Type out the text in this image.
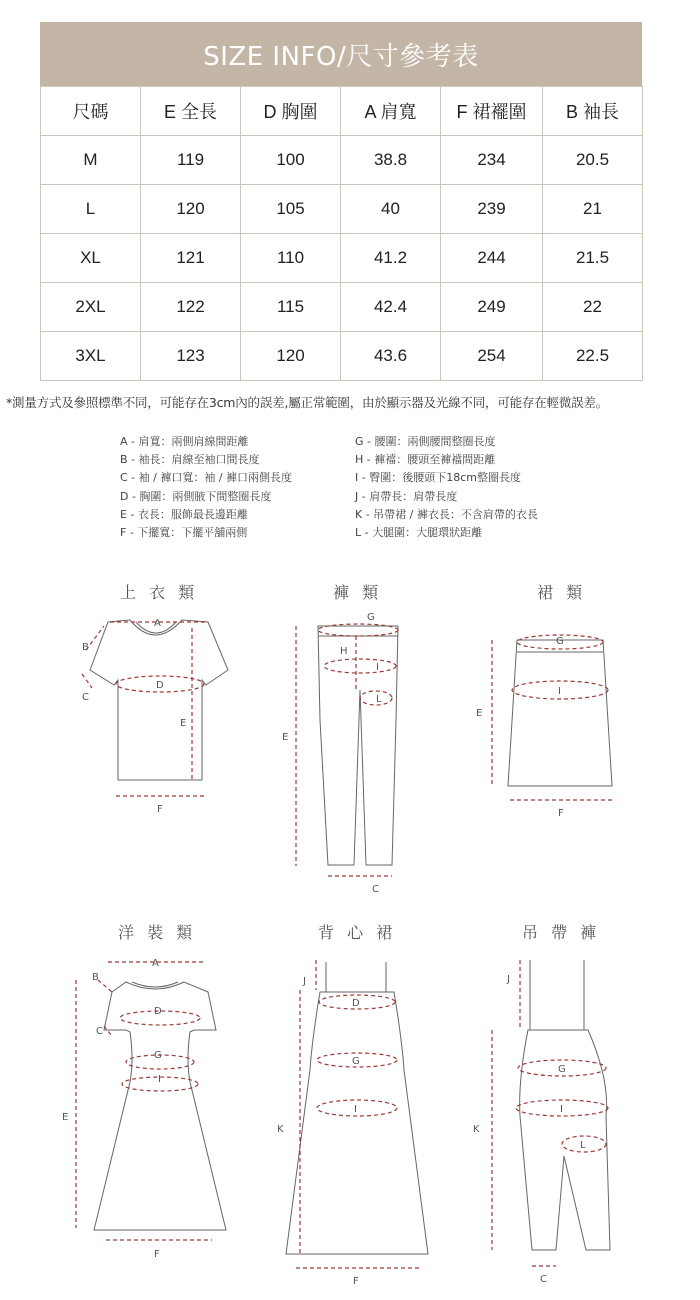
SIZE INFO/尺寸參考表
尺碼	E 全長	D 胸圍	A 肩寬	F 裙襬圍	B 袖長
M	119	100	38.8	234	20.5
L	120	105	40	239	21
XL	121	110	41.2	244	21.5
2XL	122	115	42.4	249	22
3XL	123	120	43.6	254	22.5
*測量方式及參照標準不同，可能存在3cm內的誤差,屬正常範圍，由於顯示器及光線不同，可能存在輕微誤差。
A - 肩寬：兩側肩線間距離
B - 袖長：肩線至袖口間長度
C - 袖 / 褲口寬：袖 / 褲口兩側長度
D - 胸圍：兩側腋下間整圈長度
E - 衣長：服飾最長邊距離
F - 下擺寬：下擺平舖兩側
G - 腰圍：兩側腰間整圈長度
H - 褲襠：腰頭至褲襠間距離
I - 臀圍：後腰頭下18cm整圈長度
J - 肩帶長：肩帶長度
K - 吊帶裙 / 褲衣長：不含肩帶的衣長
L - 大腿圍：大腿環狀距離
上 衣 類	褲 類	裙 類
洋 裝 類	背 心 裙	吊 帶 褲
A
B
C
D
E
F
G
H
I
L
E
C
G
I
E
F
A
B
C
D
G
I
E
F
J
D
G
I
K
F
J
G
I
L
K
C
